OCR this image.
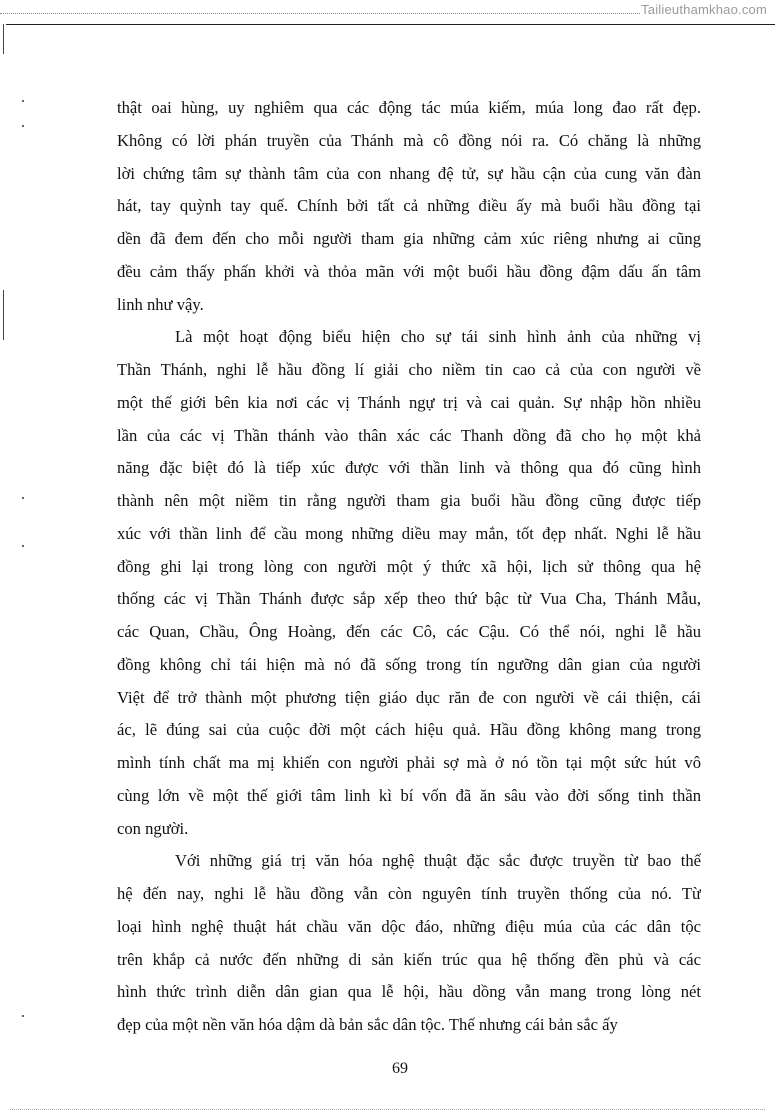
Tailieuthamkhao.com
thật oai hùng, uy nghiêm qua các động tác múa kiếm, múa long đao rất đẹp.
Không có lời phán truyền của Thánh mà cô đồng nói ra. Có chăng là những
lời chứng tâm sự thành tâm của con nhang đệ tử, sự hầu cận của cung văn đàn
hát, tay quỳnh tay quế. Chính bởi tất cả những điều ấy mà buổi hầu đồng tại
dền đã đem đến cho mỗi người tham gia những cảm xúc riêng nhưng ai cũng
đều cảm thấy phấn khởi và thỏa mãn với một buổi hầu đồng đậm dấu ấn tâm
linh như vậy.
Là một hoạt động biểu hiện cho sự tái sinh hình ảnh của những vị
Thần Thánh, nghi lễ hầu đồng lí giải cho niềm tin cao cả của con người về
một thế giới bên kia nơi các vị Thánh ngự trị và cai quản. Sự nhập hồn nhiều
lần của các vị Thần thánh vào thân xác các Thanh dồng đã cho họ một khả
năng đặc biệt đó là tiếp xúc được với thần linh và thông qua đó cũng hình
thành nên một niềm tin rằng người tham gia buổi hầu đồng cũng được tiếp
xúc với thần linh để cầu mong những diều may mắn, tốt đẹp nhất. Nghi lễ hầu
đồng ghi lại trong lòng con người một ý thức xã hội, lịch sử thông qua hệ
thống các vị Thần Thánh được sắp xếp theo thứ bậc từ Vua Cha, Thánh Mẫu,
các Quan, Chầu, Ông Hoàng, đến các Cô, các Cậu. Có thể nói, nghi lễ hầu
đồng không chỉ tái hiện mà nó đã sống trong tín ngưỡng dân gian của người
Việt để trở thành một phương tiện giáo dục răn đe con người về cái thiện, cái
ác, lẽ đúng sai của cuộc đời một cách hiệu quả. Hầu đồng không mang trong
mình tính chất ma mị khiến con người phải sợ mà ở nó tồn tại một sức hút vô
cùng lớn về một thế giới tâm linh kì bí vốn đã ăn sâu vào đời sống tinh thần
con người.
Với những giá trị văn hóa nghệ thuật đặc sắc được truyền từ bao thế
hệ đến nay, nghi lễ hầu đồng vẫn còn nguyên tính truyền thống của nó. Từ
loại hình nghệ thuật hát chầu văn dộc đáo, những điệu múa của các dân tộc
trên khắp cả nước đến những di sản kiến trúc qua hệ thống đền phủ và các
hình thức trình diễn dân gian qua lễ hội, hầu dồng vẫn mang trong lòng nét
đẹp của một nền văn hóa dậm dà bản sắc dân tộc. Thế nhưng cái bản sắc ấy
69
